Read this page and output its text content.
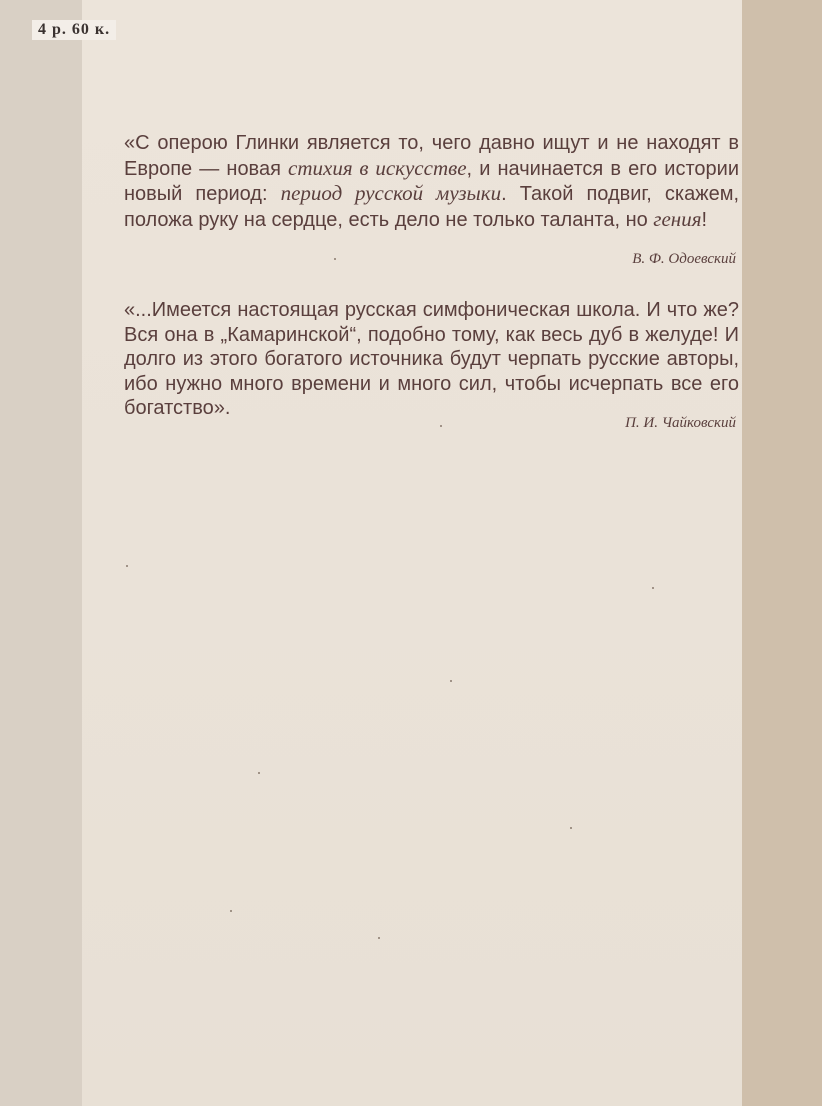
4 р. 60 к.

«С оперою Глинки является то, чего давно ищут и не находят в Европе — новая стихия в искусстве, и начинается в его истории новый период: период русской музыки. Такой подвиг, скажем, положа руку на сердце, есть дело не только таланта, но гения!

В. Ф. Одоевский

«...Имеется настоящая русская симфоническая школа. И что же? Вся она в „Камаринской“, подобно тому, как весь дуб в желуде! И долго из этого богатого источника будут черпать русские авторы, ибо нужно много времени и много сил, чтобы исчерпать все его богатство».

П. И. Чайковский
